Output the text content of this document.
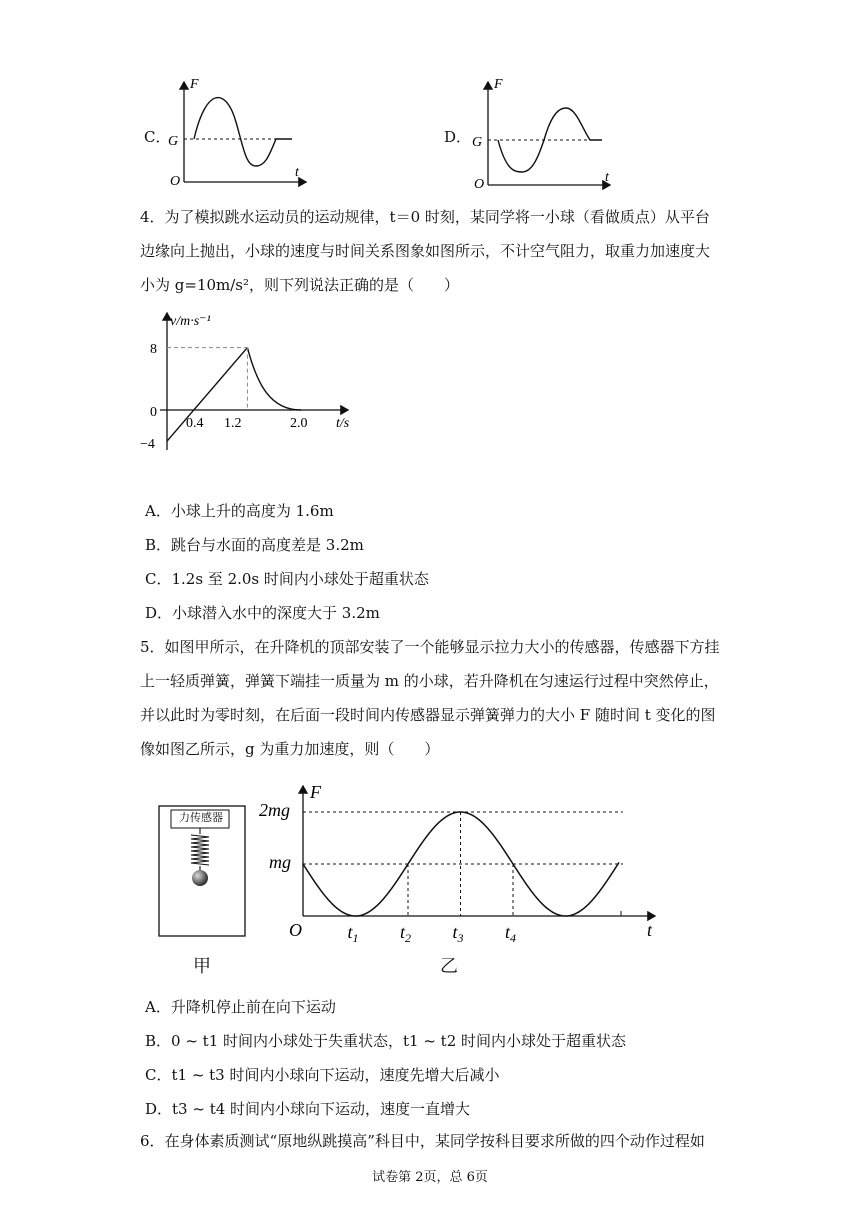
C．
F
t
O
G	D．
F
t
O
G
4．为了模拟跳水运动员的运动规律，t＝0 时刻，某同学将一小球（看做质点）从平台边缘向上抛出，小球的速度与时间关系图象如图所示，不计空气阻力，取重力加速度大小为 g=10m/s²，则下列说法正确的是（　　）
v/m·s⁻¹
t/s
8
0
−4
0.4 1.2	2.0
A．小球上升的高度为 1.6m
B．跳台与水面的高度差是 3.2m
C．1.2s 至 2.0s 时间内小球处于超重状态
D．小球潜入水中的深度大于 3.2m
5．如图甲所示，在升降机的顶部安装了一个能够显示拉力大小的传感器，传感器下方挂上一轻质弹簧，弹簧下端挂一质量为 m 的小球，若升降机在匀速运行过程中突然停止，并以此时为零时刻，在后面一段时间内传感器显示弹簧弹力的大小 F 随时间 t 变化的图像如图乙所示，g 为重力加速度，则（　　）
力传感器
甲
F
t
O
2mg
mg
$t_1$ $t_2$ $t_3$ $t_4$
乙
A．升降机停止前在向下运动
B．0 ~ t1 时间内小球处于失重状态，t1 ~ t2 时间内小球处于超重状态
C．t1 ~ t3 时间内小球向下运动，速度先增大后减小
D．t3 ~ t4 时间内小球向下运动，速度一直增大
6．在身体素质测试“原地纵跳摸高”科目中，某同学按科目要求所做的四个动作过程如
试卷第 2页，总 6页
